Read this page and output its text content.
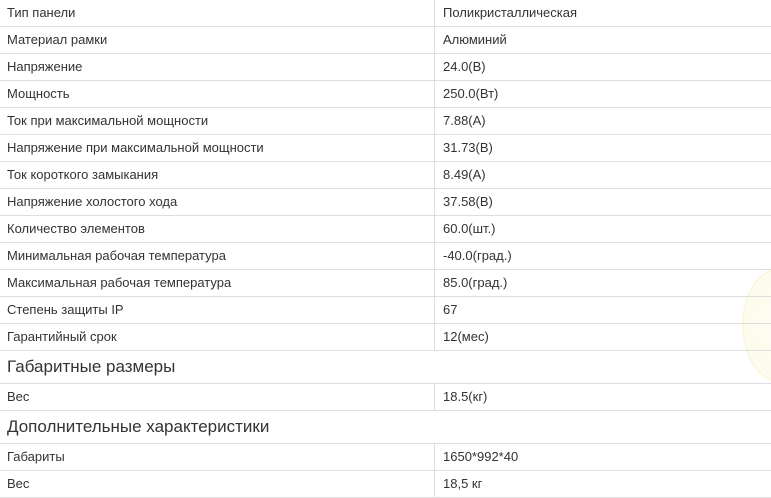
Тип панели	Поликристаллическая
Материал рамки	Алюминий
Напряжение	24.0(В)
Мощность	250.0(Вт)
Ток при максимальной мощности	7.88(А)
Напряжение при максимальной мощности	31.73(В)
Ток короткого замыкания	8.49(А)
Напряжение холостого хода	37.58(В)
Количество элементов	60.0(шт.)
Минимальная рабочая температура	-40.0(град.)
Максимальная рабочая температура	85.0(град.)
Степень защиты IP	67
Гарантийный срок	12(мес)
Габаритные размеры
Вес	18.5(кг)
Дополнительные характеристики
Габариты	1650*992*40
Вес	18,5 кг
